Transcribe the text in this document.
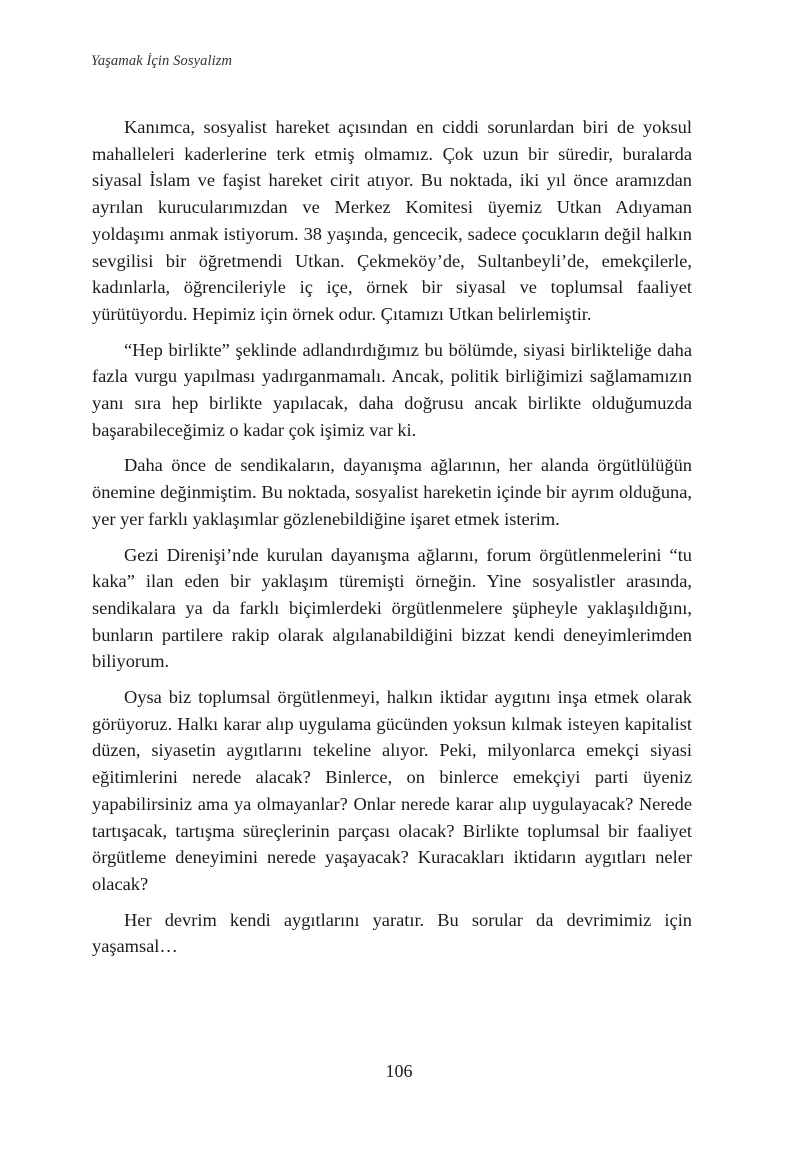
Yaşamak İçin Sosyalizm

Kanımca, sosyalist hareket açısından en ciddi sorunlardan biri de yoksul mahalleleri kaderlerine terk etmiş olmamız. Çok uzun bir süredir, buralarda siyasal İslam ve faşist hareket cirit atıyor. Bu noktada, iki yıl önce aramızdan ayrılan kurucularımızdan ve Merkez Komitesi üyemiz Utkan Adıyaman yoldaşımı anmak istiyorum. 38 yaşında, gencecik, sadece çocukların değil halkın sevgilisi bir öğretmendi Utkan. Çekmeköy’de, Sultanbeyli’de, emekçilerle, kadınlarla, öğrencileriyle iç içe, örnek bir siyasal ve toplumsal faaliyet yürütüyordu. Hepimiz için örnek odur. Çıtamızı Utkan belirlemiştir.

“Hep birlikte” şeklinde adlandırdığımız bu bölümde, siyasi birlikteliğe daha fazla vurgu yapılması yadırganmamalı. Ancak, politik birliğimizi sağlamamızın yanı sıra hep birlikte yapılacak, daha doğrusu ancak birlikte olduğumuzda başarabileceğimiz o kadar çok işimiz var ki.

Daha önce de sendikaların, dayanışma ağlarının, her alanda örgütlülüğün önemine değinmiştim. Bu noktada, sosyalist hareketin içinde bir ayrım olduğuna, yer yer farklı yaklaşımlar gözlenebildiğine işaret etmek isterim.

Gezi Direnişi’nde kurulan dayanışma ağlarını, forum örgütlenmelerini “tu kaka” ilan eden bir yaklaşım türemişti örneğin. Yine sosyalistler arasında, sendikalara ya da farklı biçimlerdeki örgütlenmelere şüpheyle yaklaşıldığını, bunların partilere rakip olarak algılanabildiğini bizzat kendi deneyimlerimden biliyorum.

Oysa biz toplumsal örgütlenmeyi, halkın iktidar aygıtını inşa etmek olarak görüyoruz. Halkı karar alıp uygulama gücünden yoksun kılmak isteyen kapitalist düzen, siyasetin aygıtlarını tekeline alıyor. Peki, milyonlarca emekçi siyasi eğitimlerini nerede alacak? Binlerce, on binlerce emekçiyi parti üyeniz yapabilirsiniz ama ya olmayanlar? Onlar nerede karar alıp uygulayacak? Nerede tartışacak, tartışma süreçlerinin parçası olacak? Birlikte toplumsal bir faaliyet örgütleme deneyimini nerede yaşayacak? Kuracakları iktidarın aygıtları neler olacak?

Her devrim kendi aygıtlarını yaratır. Bu sorular da devrimimiz için yaşamsal…

106
